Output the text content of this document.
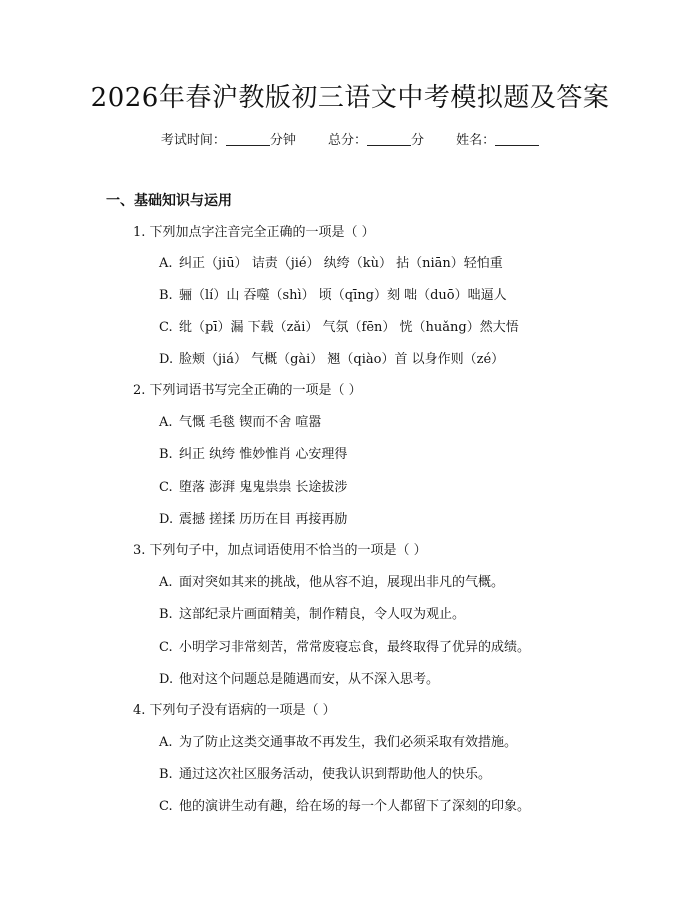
2026年春沪教版初三语文中考模拟题及答案
考试时间：	分钟 总分：	分 姓名：
一、基础知识与运用
1. 下列加点字注音完全正确的一项是（ ）
A. 纠正（jiū） 诘责（jié） 纨绔（kù） 拈（niān）轻怕重
B. 骊（lí）山 吞噬（shì） 顷（qīng）刻 咄（duō）咄逼人
C. 纰（pī）漏 下载（zǎi） 气氛（fēn） 恍（huǎng）然大悟
D. 脸颊（jiá） 气概（gài） 翘（qiào）首 以身作则（zé）
2. 下列词语书写完全正确的一项是（ ）
A. 气慨 毛毯 锲而不舍 喧嚣
B. 纠正 纨绔 惟妙惟肖 心安理得
C. 堕落 澎湃 鬼鬼祟祟 长途拔涉
D. 震撼 搓揉 历历在目 再接再励
3. 下列句子中，加点词语使用不恰当的一项是（ ）
A. 面对突如其来的挑战，他从容不迫，展现出非凡的气概。
B. 这部纪录片画面精美，制作精良，令人叹为观止。
C. 小明学习非常刻苦，常常废寝忘食，最终取得了优异的成绩。
D. 他对这个问题总是随遇而安，从不深入思考。
4. 下列句子没有语病的一项是（ ）
A. 为了防止这类交通事故不再发生，我们必须采取有效措施。
B. 通过这次社区服务活动，使我认识到帮助他人的快乐。
C. 他的演讲生动有趣，给在场的每一个人都留下了深刻的印象。
